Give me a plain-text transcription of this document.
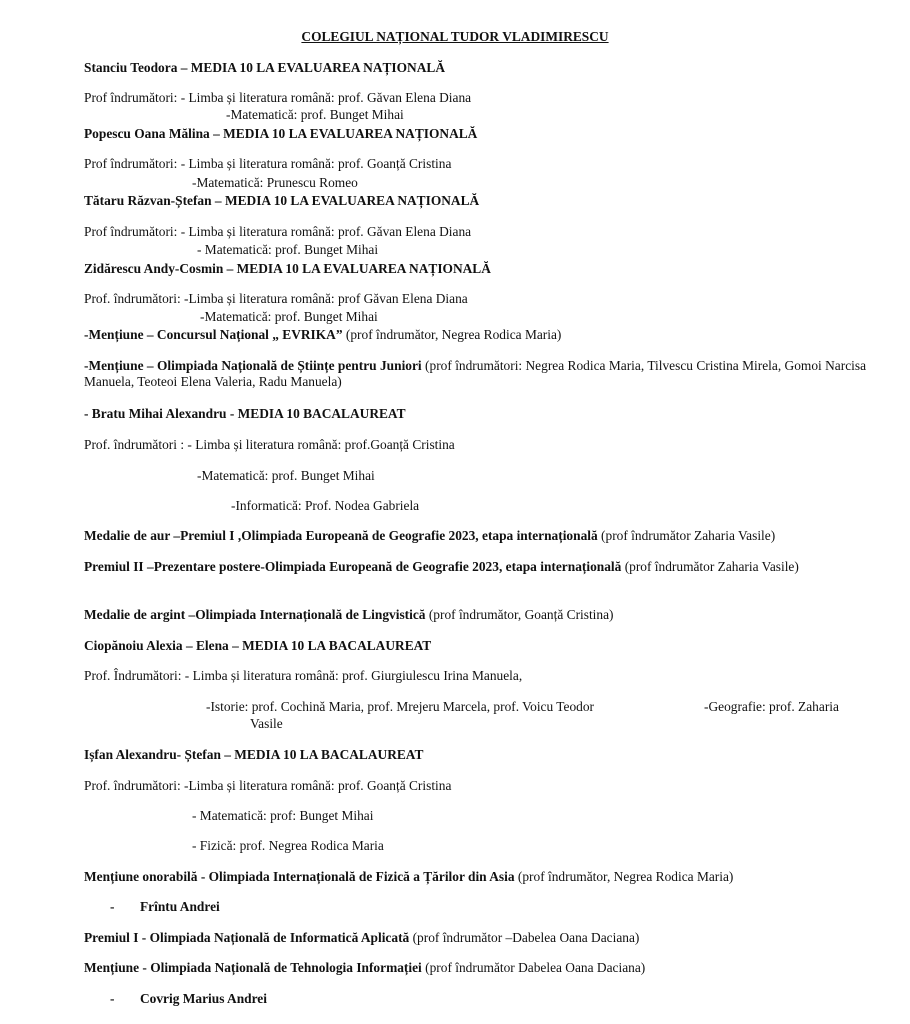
COLEGIUL NAȚIONAL TUDOR VLADIMIRESCU
Stanciu Teodora – MEDIA 10 LA EVALUAREA NAȚIONALĂ
Prof îndrumători: - Limba și literatura română: prof. Găvan Elena Diana
-Matematică: prof. Bunget Mihai
Popescu Oana Mălina – MEDIA 10 LA EVALUAREA NAȚIONALĂ
Prof îndrumători: - Limba și literatura română: prof. Goanță Cristina
-Matematică: Prunescu Romeo
Tătaru Răzvan-Ștefan – MEDIA 10 LA EVALUAREA NAȚIONALĂ
Prof îndrumători: - Limba și literatura română: prof. Găvan Elena Diana
- Matematică: prof. Bunget Mihai
Zidărescu Andy-Cosmin – MEDIA 10 LA EVALUAREA NAȚIONALĂ
Prof. îndrumători: -Limba și literatura română: prof Găvan Elena Diana
-Matematică: prof. Bunget Mihai
-Mențiune – Concursul Național „ EVRIKA” (prof îndrumător, Negrea Rodica Maria)
-Mențiune – Olimpiada Națională de Științe pentru Juniori (prof îndrumători: Negrea Rodica Maria, Tilvescu Cristina Mirela, Gomoi Narcisa Manuela, Teoteoi Elena Valeria, Radu Manuela)
- Bratu Mihai Alexandru - MEDIA 10 BACALAUREAT
Prof. îndrumători : - Limba și literatura română: prof.Goanță Cristina
-Matematică: prof. Bunget Mihai
-Informatică: Prof. Nodea Gabriela
Medalie de aur –Premiul I ,Olimpiada Europeană de Geografie 2023, etapa internațională (prof îndrumător Zaharia Vasile)
Premiul II –Prezentare postere-Olimpiada Europeană de Geografie 2023, etapa internațională (prof îndrumător Zaharia Vasile)
Medalie de argint –Olimpiada Internațională de Lingvistică (prof îndrumător, Goanță Cristina)
Ciopănoiu Alexia – Elena – MEDIA 10 LA BACALAUREAT
Prof. Îndrumători: - Limba și literatura română: prof. Giurgiulescu Irina Manuela,
-Istorie: prof. Cochină Maria, prof. Mrejeru Marcela, prof. Voicu Teodor	-Geografie: prof. Zaharia
Vasile
Ișfan Alexandru- Ștefan – MEDIA 10 LA BACALAUREAT
Prof. îndrumători: -Limba și literatura română: prof. Goanță Cristina
- Matematică: prof: Bunget Mihai
- Fizică: prof. Negrea Rodica Maria
Mențiune onorabilă - Olimpiada Internațională de Fizică a Țărilor din Asia (prof îndrumător, Negrea Rodica Maria)
- Frîntu Andrei
Premiul I - Olimpiada Națională de Informatică Aplicată (prof îndrumător –Dabelea Oana Daciana)
Mențiune - Olimpiada Națională de Tehnologia Informației (prof îndrumător Dabelea Oana Daciana)
- Covrig Marius Andrei
